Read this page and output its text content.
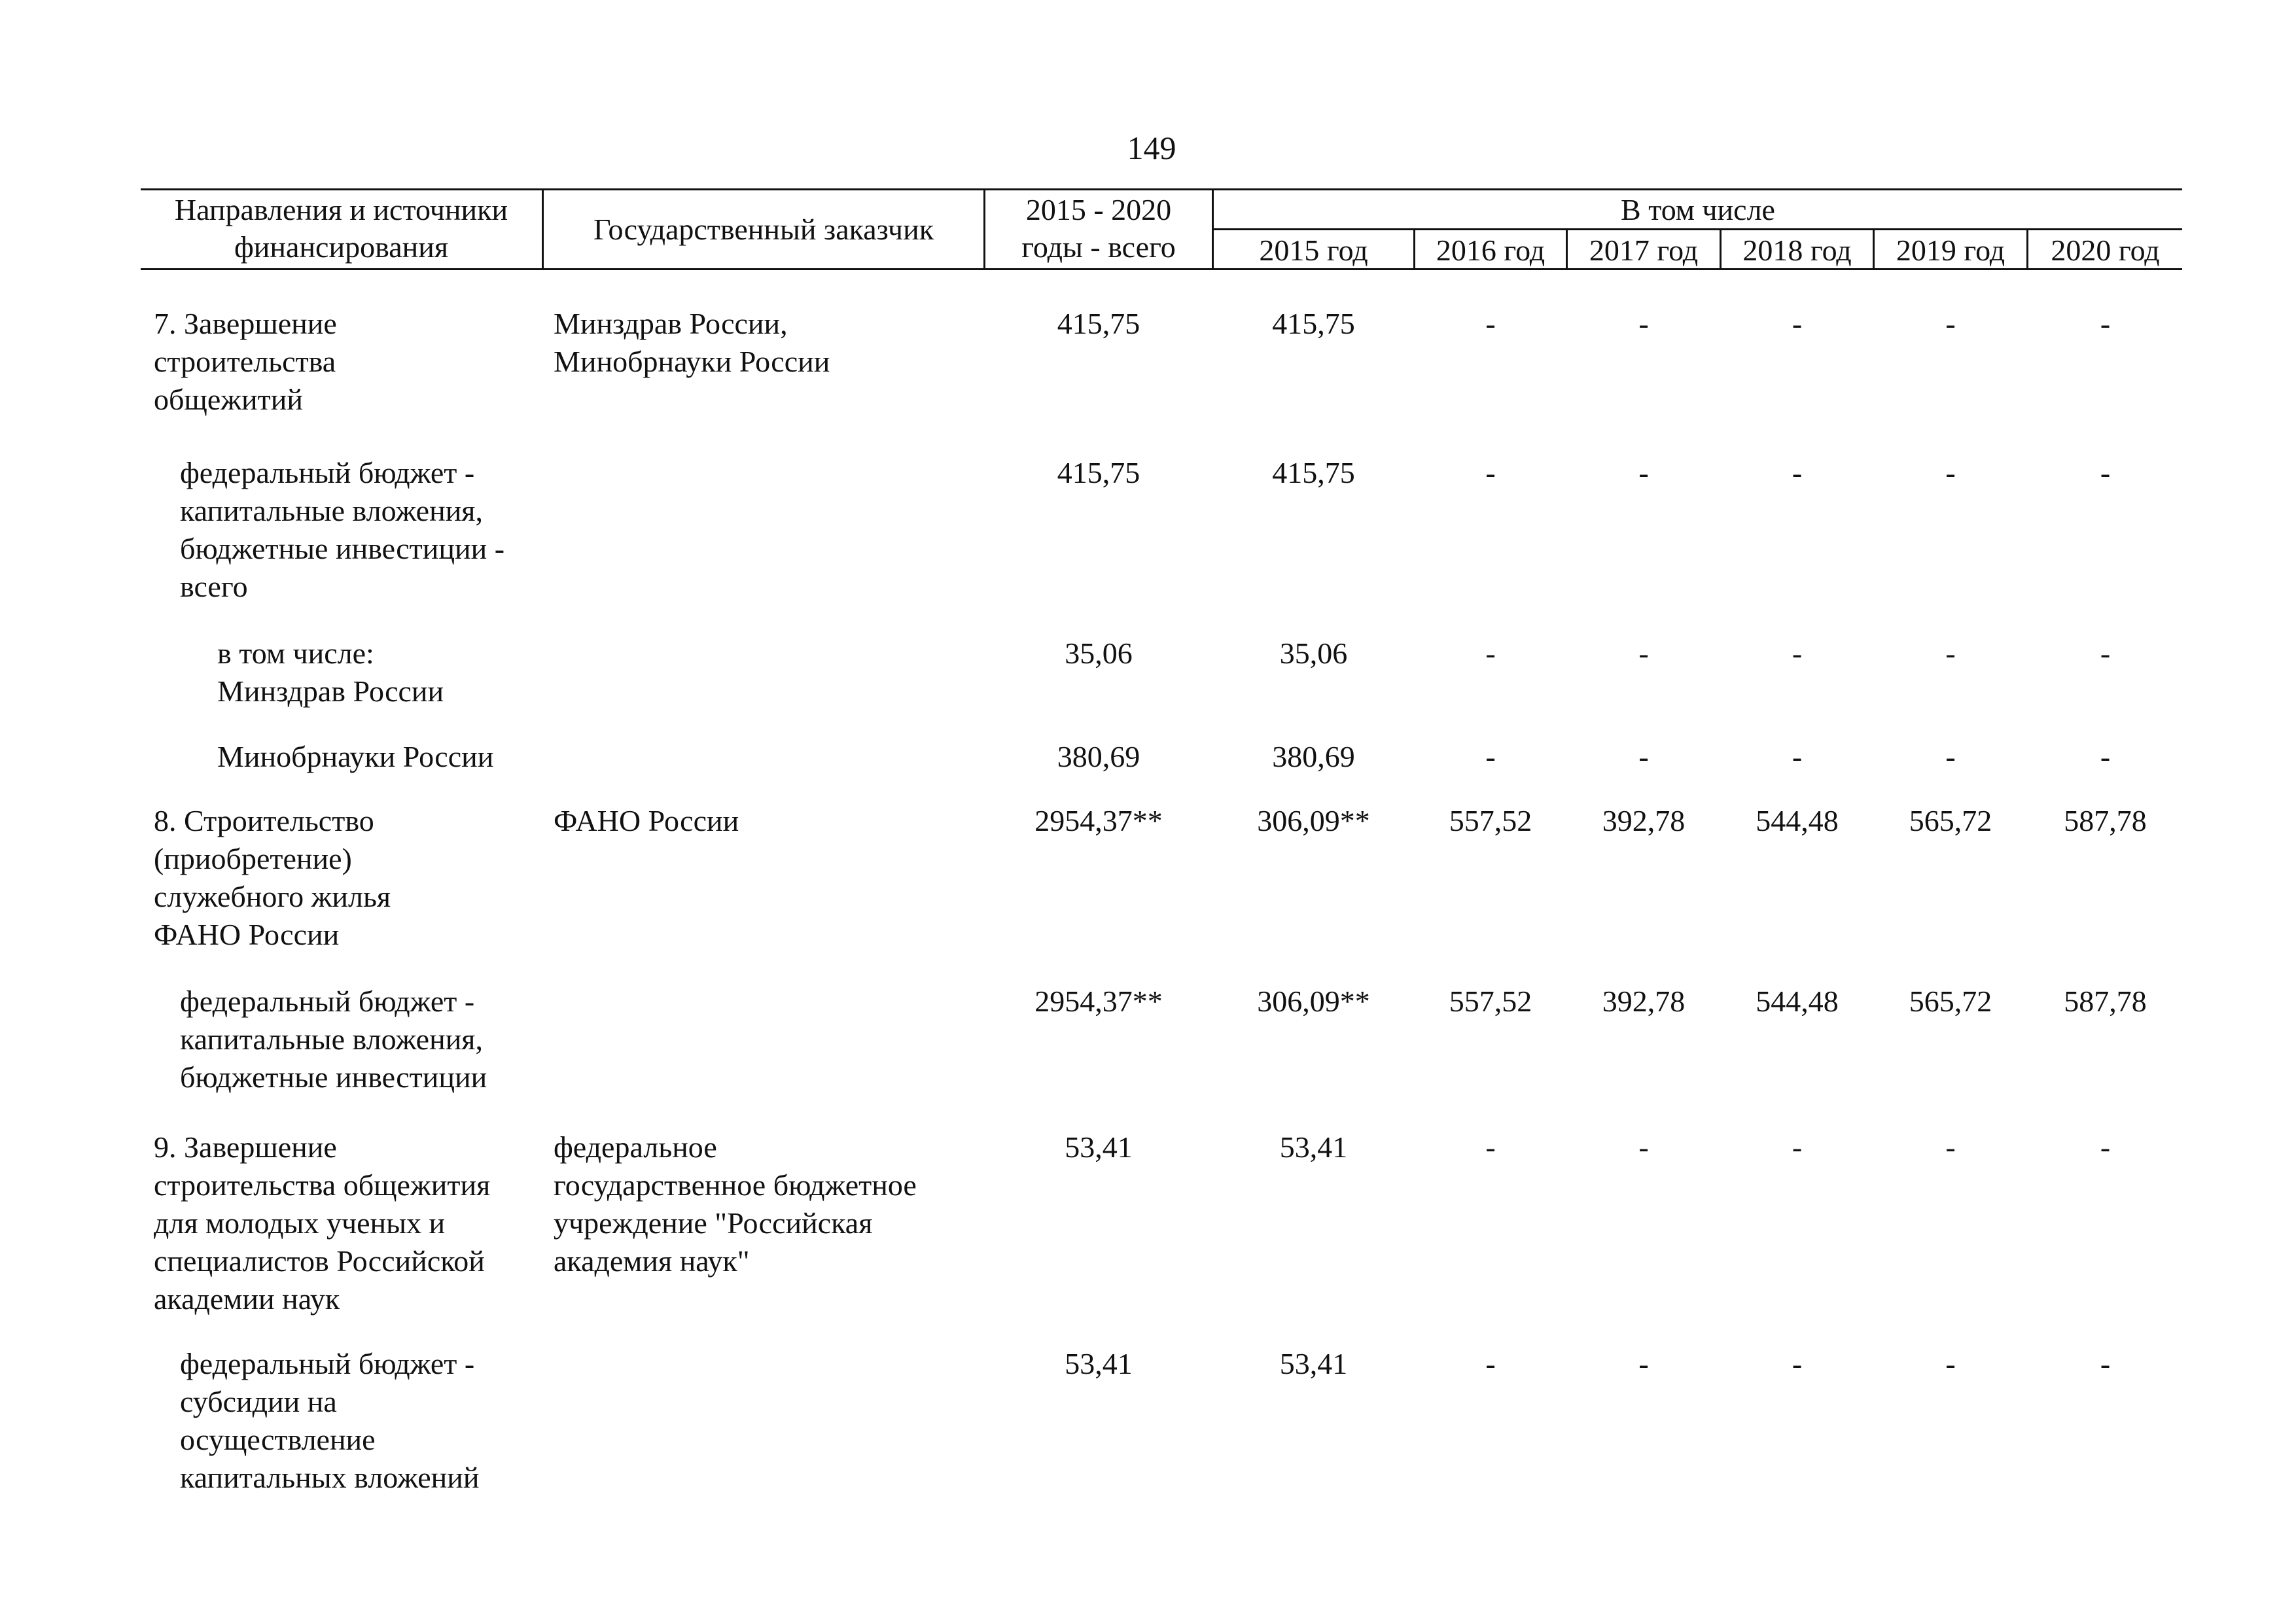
149
Направления и источники
финансирования
Государственный заказчик
2015 - 2020
годы - всего
В том числе
2015 год	2016 год	2017 год	2018 год	2019 год	2020 год
7. Завершение
строительства
общежитий
Минздрав России,
Минобрнауки России
415,75	415,75	-	-	-	-	-
федеральный бюджет -
капитальные вложения,
бюджетные инвестиции -
всего
415,75	415,75	-	-	-	-	-
в том числе:
Минздрав России
35,06	35,06	-	-	-	-	-
Минобрнауки России	380,69	380,69	-	-	-	-	-
8. Строительство
(приобретение)
служебного жилья
ФАНО России
ФАНО России	2954,37**	306,09**	557,52	392,78	544,48	565,72	587,78
федеральный бюджет -
капитальные вложения,
бюджетные инвестиции
2954,37**	306,09**	557,52	392,78	544,48	565,72	587,78
9. Завершение
строительства общежития
для молодых ученых и
специалистов Российской
академии наук
федеральное
государственное бюджетное
учреждение "Российская
академия наук"
53,41	53,41	-	-	-	-	-
федеральный бюджет -
субсидии на
осуществление
капитальных вложений
53,41	53,41	-	-	-	-	-
